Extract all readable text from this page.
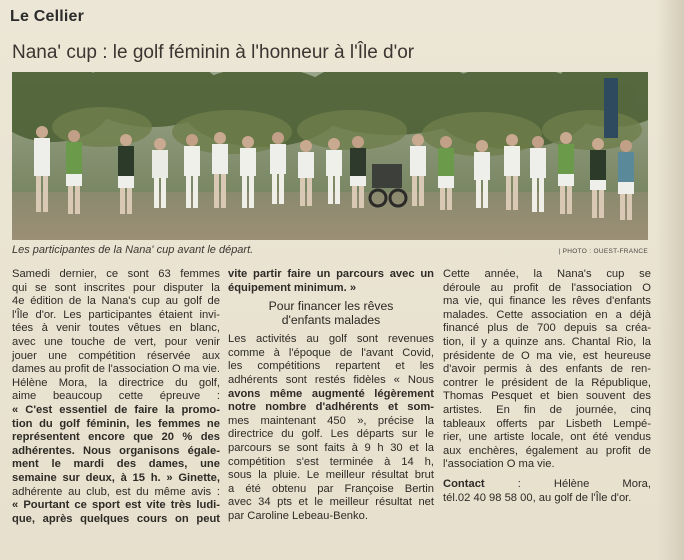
Le Cellier
Nana' cup : le golf féminin à l'honneur à l'Île d'or
Les participantes de la Nana' cup avant le départ.	| PHOTO : OUEST-FRANCE
Samedi dernier, ce sont 63 femmes
qui se sont inscrites pour disputer la
4e édition de la Nana's cup au golf de
l'Île d'or. Les participantes étaient invi-
tées à venir toutes vêtues en blanc,
avec une touche de vert, pour venir
jouer une compétition réservée aux
dames au profit de l'association O ma vie.
Hélène Mora, la directrice du golf,
aime beaucoup cette épreuve :
« C'est essentiel de faire la promo-
tion du golf féminin, les femmes ne
représentent encore que 20 % des
adhérentes. Nous organisons égale-
ment le mardi des dames, une
semaine sur deux, à 15 h. » Ginette,
adhérente au club, est du même avis :
« Pourtant ce sport est vite très ludi-
que, après quelques cours on peut
vite partir faire un parcours avec un
équipement minimum. »
Pour financer les rêves
d'enfants malades
Les activités au golf sont revenues
comme à l'époque de l'avant Covid,
les compétitions repartent et les
adhérents sont restés fidèles « Nous
avons même augmenté légèrement
notre nombre d'adhérents et som-
mes maintenant 450 », précise la
directrice du golf. Les départs sur le
parcours se sont faits à 9 h 30 et la
compétition s'est terminée à 14 h,
sous la pluie. Le meilleur résultat brut
a été obtenu par Françoise Bertin
avec 34 pts et le meilleur résultat net
par Caroline Lebeau-Benko.
Cette année, la Nana's cup se
déroule au profit de l'association O
ma vie, qui finance les rêves d'enfants
malades. Cette association en a déjà
financé plus de 700 depuis sa créa-
tion, il y a quinze ans. Chantal Rio, la
présidente de O ma vie, est heureuse
d'avoir permis à des enfants de ren-
contrer le président de la République,
Thomas Pesquet et bien souvent des
artistes. En fin de journée, cinq
tableaux offerts par Lisbeth Lempé-
rier, une artiste locale, ont été vendus
aux enchères, également au profit de
l'association O ma vie.
Contact	: Hélène Mora,
tél.02 40 98 58 00, au golf de l'Île d'or.
